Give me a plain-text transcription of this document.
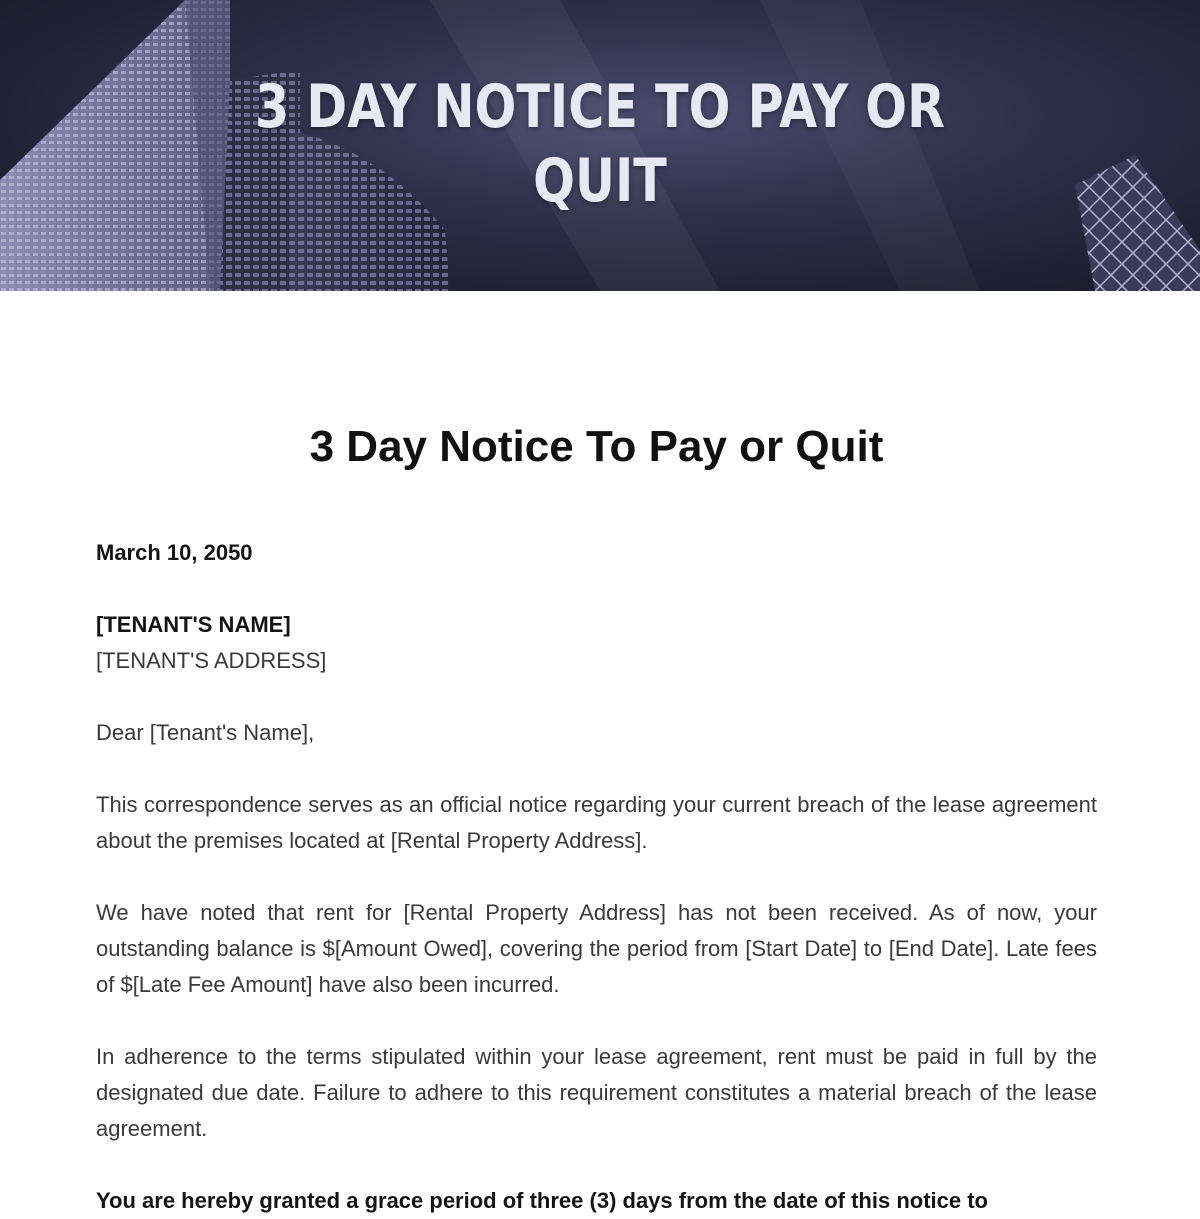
3 DAY NOTICE TO PAY OR
QUIT
3 Day Notice To Pay or Quit

March 10, 2050

[TENANT'S NAME]

[TENANT'S ADDRESS]

Dear [Tenant's Name],

This correspondence serves as an official notice regarding your current breach of the lease agreement about the premises located at [Rental Property Address].

We have noted that rent for [Rental Property Address] has not been received. As of now, your outstanding balance is $[Amount Owed], covering the period from [Start Date] to [End Date]. Late fees of $[Late Fee Amount] have also been incurred.

In adherence to the terms stipulated within your lease agreement, rent must be paid in full by the designated due date. Failure to adhere to this requirement constitutes a material breach of the lease agreement.

You are hereby granted a grace period of three (3) days from the date of this notice to
